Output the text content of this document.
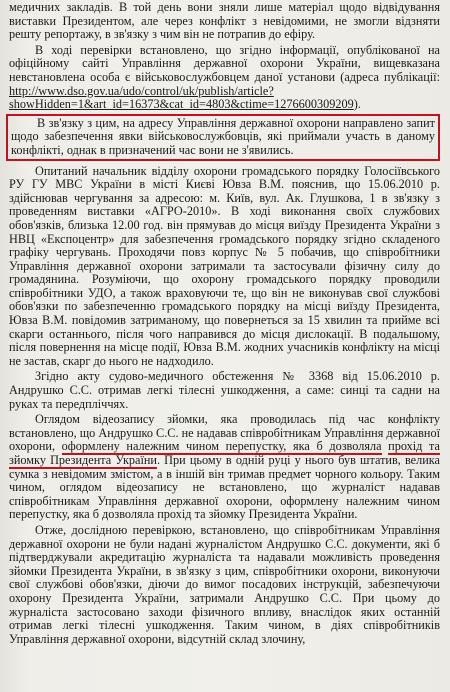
медичних закладів. В той день вони зняли лише матеріал щодо відвідування виставки Президентом, але через конфлікт з невідомими, не змогли відзняти решту репортажу, в зв'язку з чим він не потрапив до ефіру.

В ході перевірки встановлено, що згідно інформації, опублікованої на офіційному сайті Управління державної охорони України, вищевказана невстановлена особа є військовослужбовцем даної установи (адреса публікації: http://www.dso.gov.ua/udo/control/uk/publish/article?showHidden=1&art_id=16373&cat_id=4803&ctime=1276600309209).

В зв'язку з цим, на адресу Управління державної охорони направлено запит щодо забезпечення явки військовослужбовців, які приймали участь в даному конфлікті, однак в призначений час вони не з'явились.

Опитаний начальник відділу охорони громадського порядку Голосіївського РУ ГУ МВС України в місті Києві Ювза В.М. пояснив, що 15.06.2010 р. здійснював чергування за адресою: м. Київ, вул. Ак. Глушкова, 1 в зв'язку з проведенням виставки «АГРО-2010». В ході виконання своїх службових обов'язків, близька 12.00 год. він прямував до місця виїзду Президента України з НВЦ «Експоцентр» для забезпечення громадського порядку згідно складеного графіку чергувань. Проходячи повз корпус № 5 побачив, що співробітники Управління державної охорони затримали та застосували фізичну силу до громадянина. Розуміючи, що охорону громадського порядку проводили співробітники УДО, а також враховуючи те, що він не виконував свої службові обов'язки по забезпеченню громадського порядку на місці виїзду Президента, Ювза В.М. повідомив затриманому, що повернеться за 15 хвилин та прийме всі скарги останнього, після чого направився до місця дислокації. В подальшому, після повернення на місце події, Ювза В.М. жодних учасників конфлікту на місці не застав, скарг до нього не надходило.

Згідно акту судово-медичного обстеження № 3368 від 15.06.2010 р. Андрушко С.С. отримав легкі тілесні ушкодження, а саме: синці та садни на руках та передпліччях.

Оглядом відеозапису зйомки, яка проводилась під час конфлікту встановлено, що Андрушко С.С. не надавав співробітникам Управління державної охорони, оформлену належним чином перепустку, яка б дозволяла прохід та зйомку Президента України. При цьому в одній руці у нього був штатив, велика сумка з невідомим змістом, а в іншій він тримав предмет чорного кольору. Таким чином, оглядом відеозапису не встановлено, що журналіст надавав співробітникам Управління державної охорони, оформлену належним чином перепустку, яка б дозволяла прохід та зйомку Президента України.

Отже, дослідною перевіркою, встановлено, що співробітникам Управління державної охорони не були надані журналістом Андрушко С.С. документи, які б підтверджували акредитацію журналіста та надавали можливість проведення зйомки Президента України, в зв'язку з цим, співробітники охорони, виконуючи свої службові обов'язки, діючи до вимог посадових інструкцій, забезпечуючи охорону Президента України, затримали Андрушко С.С. При цьому до журналіста застосовано заходи фізичного впливу, внаслідок яких останній отримав легкі тілесні ушкодження. Таким чином, в діях співробітників Управління державної охорони, відсутній склад злочину,
